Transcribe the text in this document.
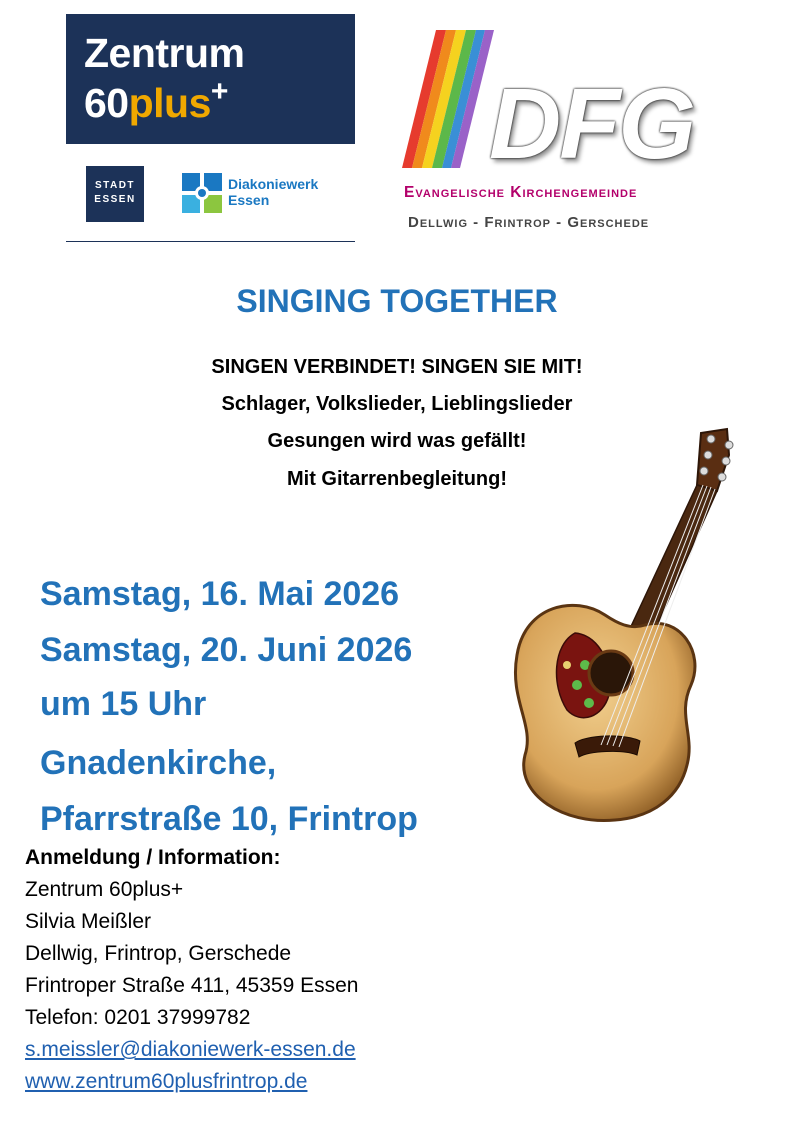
Zentrum
60plus+
STADT
ESSEN
Diakoniewerk
Essen
DFG
Evangelische Kirchengemeinde
Dellwig - Frintrop - Gerschede
SINGING TOGETHER
SINGEN VERBINDET! SINGEN SIE MIT!
Schlager, Volkslieder, Lieblingslieder
Gesungen wird was gefällt!
Mit Gitarrenbegleitung!
Samstag, 16. Mai 2026
Samstag, 20. Juni 2026
um 15 Uhr
Gnadenkirche,
Pfarrstraße 10, Frintrop
Anmeldung / Information:
Zentrum 60plus+
Silvia Meißler
Dellwig, Frintrop, Gerschede
Frintroper Straße 411, 45359 Essen
Telefon: 0201 37999782
s.meissler@diakoniewerk-essen.de
www.zentrum60plusfrintrop.de
